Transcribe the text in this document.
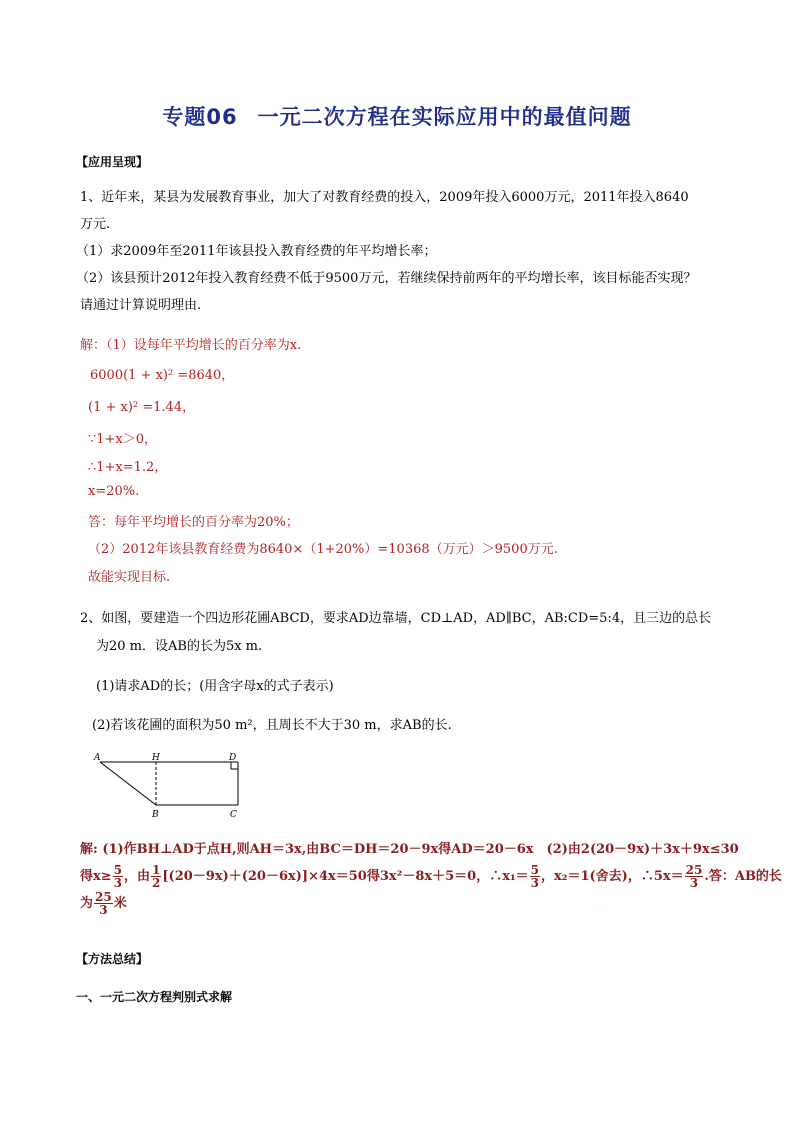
专题06 一元二次方程在实际应用中的最值问题
【应用呈现】
1、近年来，某县为发展教育事业，加大了对教育经费的投入，2009年投入6000万元，2011年投入8640
万元.
（1）求2009年至2011年该县投入教育经费的年平均增长率；
（2）该县预计2012年投入教育经费不低于9500万元，若继续保持前两年的平均增长率，该目标能否实现？
请通过计算说明理由.
解：（1）设每年平均增长的百分率为x.
6000(1 + x)² =8640，
(1 + x)² =1.44，
∵1+x＞0，
∴1+x=1.2，
x=20%.
答：每年平均增长的百分率为20%；
（2）2012年该县教育经费为8640×（1+20%）=10368（万元）＞9500万元.
故能实现目标.
2、如图，要建造一个四边形花圃ABCD，要求AD边靠墙，CD⊥AD，AD∥BC，AB:CD=5:4，且三边的总长
为20 m．设AB的长为5x m.
(1)请求AD的长；(用含字母x的式子表示)
(2)若该花圃的面积为50 m²，且周长不大于30 m，求AB的长.
A	H	D
B	C
解: (1)作BH⊥AD于点H,则AH＝3x,由BC＝DH＝20－9x得AD＝20－6x　(2)由2(20－9x)＋3x＋9x≤30
得$x\ge \frac{5}{3}$ ，由 $\frac{1}{2} [(20-9x)+(20-6x)]\times 4x=50$得3x²－8x＋5＝0，∴x₁＝ $\frac{5}{3}$ ，x₂＝1(舍去)，∴5x＝ $\frac{25}{3}$ .答：AB的长
为 $\frac{25}{3}$ 米
【方法总结】
一、一元二次方程判别式求解
